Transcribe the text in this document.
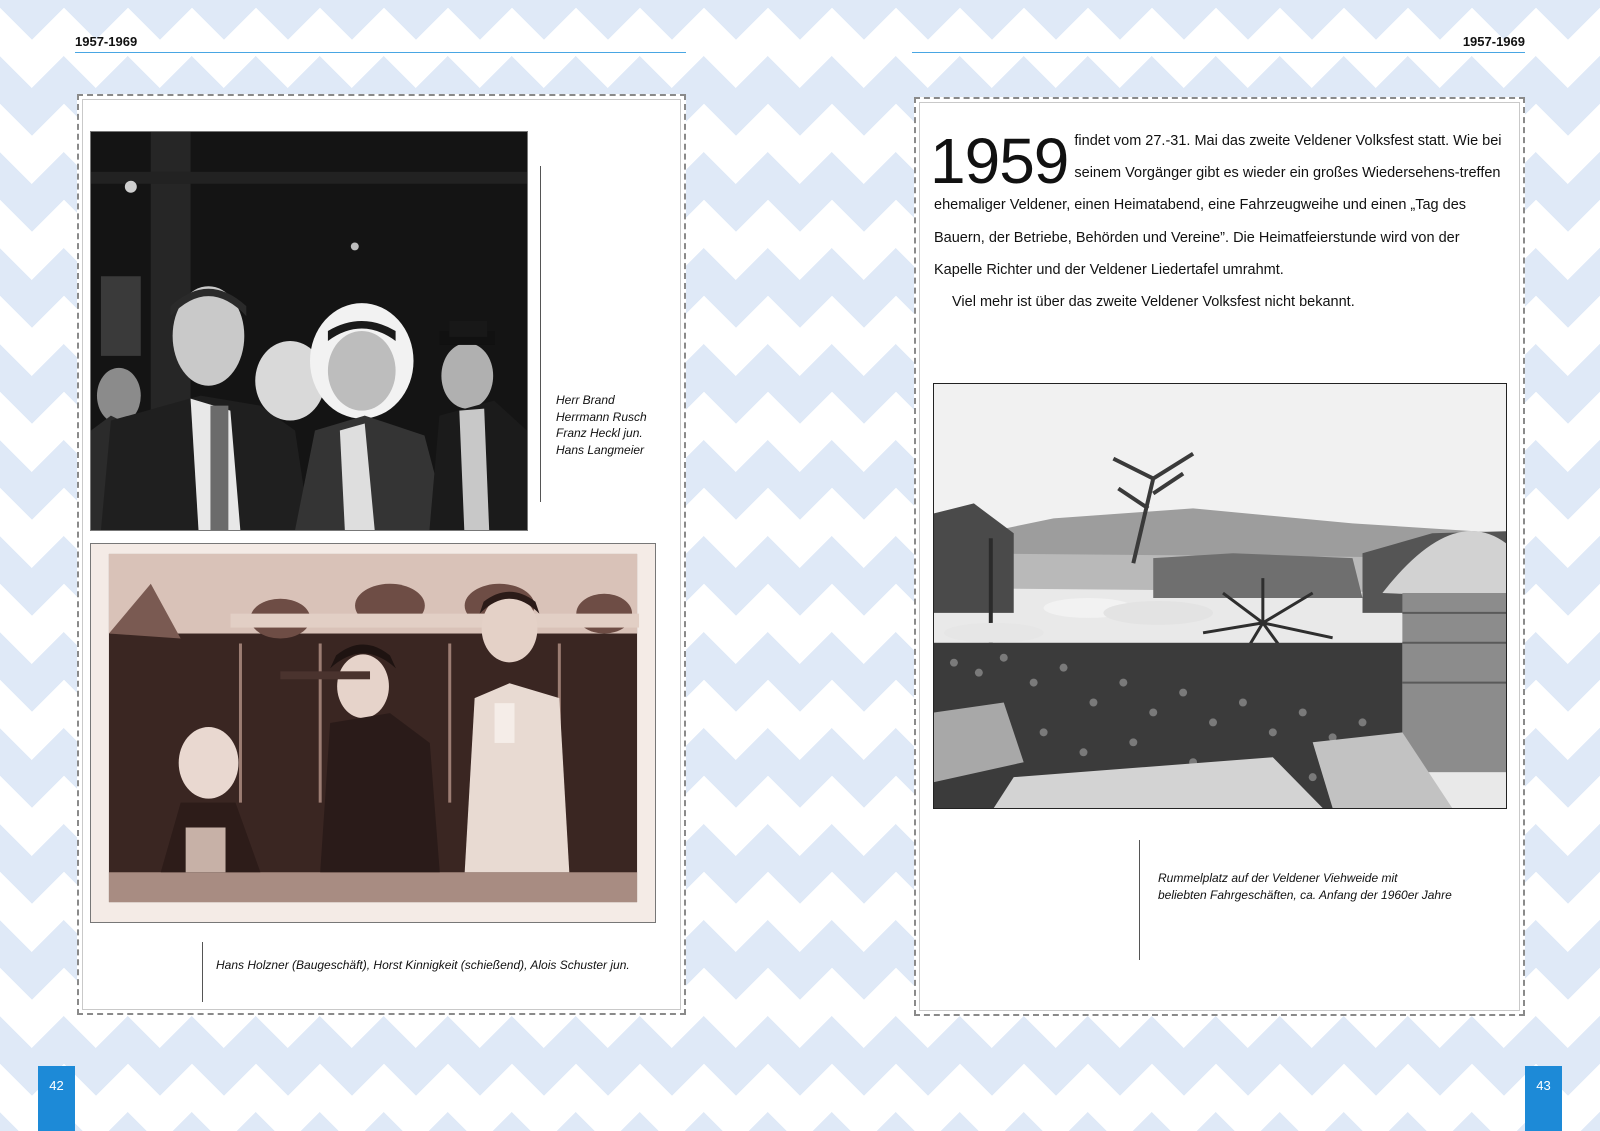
1957-1969	1957-1969
Herr Brand
Herrmann Rusch
Franz Heckl jun.
Hans Langmeier
Hans Holzner (Baugeschäft), Horst Kinnigkeit (schießend), Alois Schuster jun.
1959 findet vom 27.-31. Mai das zweite Veldener Volksfest statt. Wie bei seinem Vorgänger gibt es wieder ein großes Wiedersehens-treffen ehemaliger Veldener, einen Heimatabend, eine Fahrzeugweihe und einen „Tag des Bauern, der Betriebe, Behörden und Vereine”. Die Heimatfeierstunde wird von der Kapelle Richter und der Veldener Liedertafel umrahmt.

Viel mehr ist über das zweite Veldener Volksfest nicht bekannt.

Rummelplatz auf der Veldener Viehweide mit
beliebten Fahrgeschäften, ca. Anfang der 1960er Jahre
42	43
